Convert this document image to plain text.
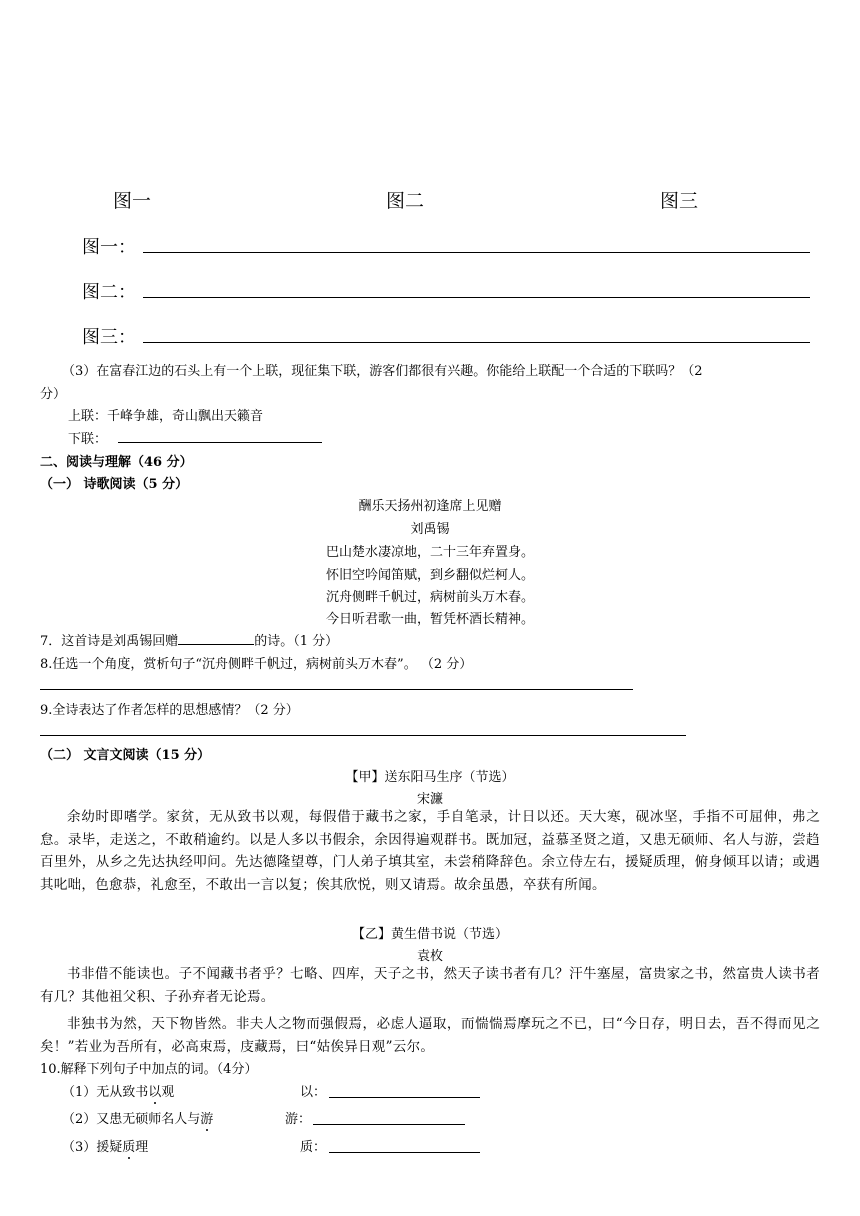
图一	图二	图三
图一：
图二：
图三：
（3）在富春江边的石头上有一个上联，现征集下联，游客们都很有兴趣。你能给上联配一个合适的下联吗？（2
分）
上联：千峰争雄，奇山飘出天籁音
下联：
二、阅读与理解（46 分）
（一） 诗歌阅读（5 分）
酬乐天扬州初逢席上见赠
刘禹锡
巴山楚水凄凉地，二十三年弃置身。
怀旧空吟闻笛赋，到乡翻似烂柯人。
沉舟侧畔千帆过，病树前头万木春。
今日听君歌一曲，暂凭杯酒长精神。
7．这首诗是刘禹锡回赠	的诗。（1 分）
8.任选一个角度，赏析句子“沉舟侧畔千帆过，病树前头万木春”。 （2 分）
9.全诗表达了作者怎样的思想感情？（2 分）
（二） 文言文阅读（15 分）
【甲】送东阳马生序（节选）
宋濂
余幼时即嗜学。家贫，无从致书以观，每假借于藏书之家，手自笔录，计日以还。天大寒，砚冰坚，手指不可屈伸，弗之怠。录毕，走送之，不敢稍逾约。以是人多以书假余，余因得遍观群书。既加冠，益慕圣贤之道，又患无硕师、名人与游，尝趋百里外，从乡之先达执经叩问。先达德隆望尊，门人弟子填其室，未尝稍降辞色。余立侍左右，援疑质理，俯身倾耳以请；或遇其叱咄，色愈恭，礼愈至，不敢出一言以复；俟其欣悦，则又请焉。故余虽愚，卒获有所闻。
【乙】黄生借书说（节选）
袁枚
书非借不能读也。子不闻藏书者乎？七略、四库，天子之书，然天子读书者有几？汗牛塞屋，富贵家之书，然富贵人读书者有几？其他祖父积、子孙弃者无论焉。
非独书为然，天下物皆然。非夫人之物而强假焉，必虑人逼取，而惴惴焉摩玩之不已，曰“今日存，明日去，吾不得而见之矣！”若业为吾所有，必高束焉，庋藏焉，曰“姑俟异日观”云尔。
10.解释下列句子中加点的词。（4分）
（1）无从致书以观	以：
（2）又患无硕师名人与游	游：
（3）援疑质理	质：
